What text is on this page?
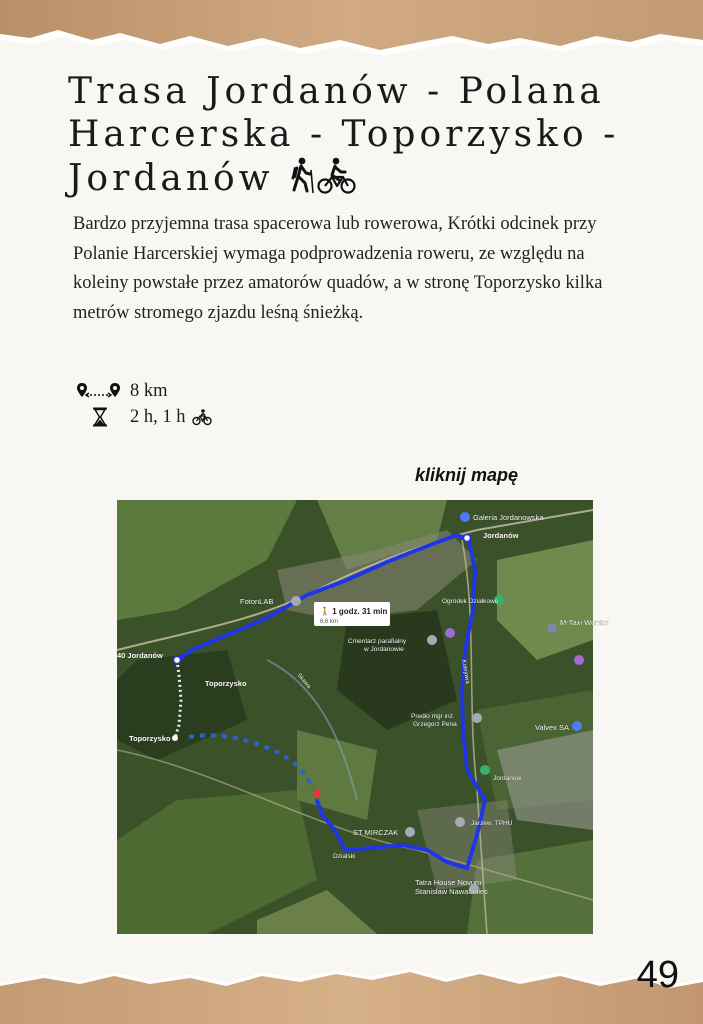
Trasa Jordanów - Polana
Harcerska - Toporzysko -
Jordanów

Bardzo przyjemna trasa spacerowa lub rowerowa, Krótki odcinek przy Polanie Harcerskiej wymaga podprowadzenia roweru, ze względu na koleiny powstałe przez amatorów quadów, a w stronę Toporzysko kilka metrów stromego zjazdu leśną śnieżką.

8 km
2 h, 1 h
kliknij mapę
🚶 1 godz. 31 min
6,6 km
Galeria Jordanowska
Jordanów
FotonLAB	Ogródek Działkowe
M-Taxi Wontor
Cmentarz parafialny
w Jordanowie
40 Jordanów
Toporzysko
Toporzysko
Predio mgr inż.
Grzegorz Pena	Valvex SA
Jordanów
Jarzew. TPHU
ST MIRCZAK
Działski
Tatra House Novum
Stanisław Nawalaniec
Kolejowa
Skawa
49
